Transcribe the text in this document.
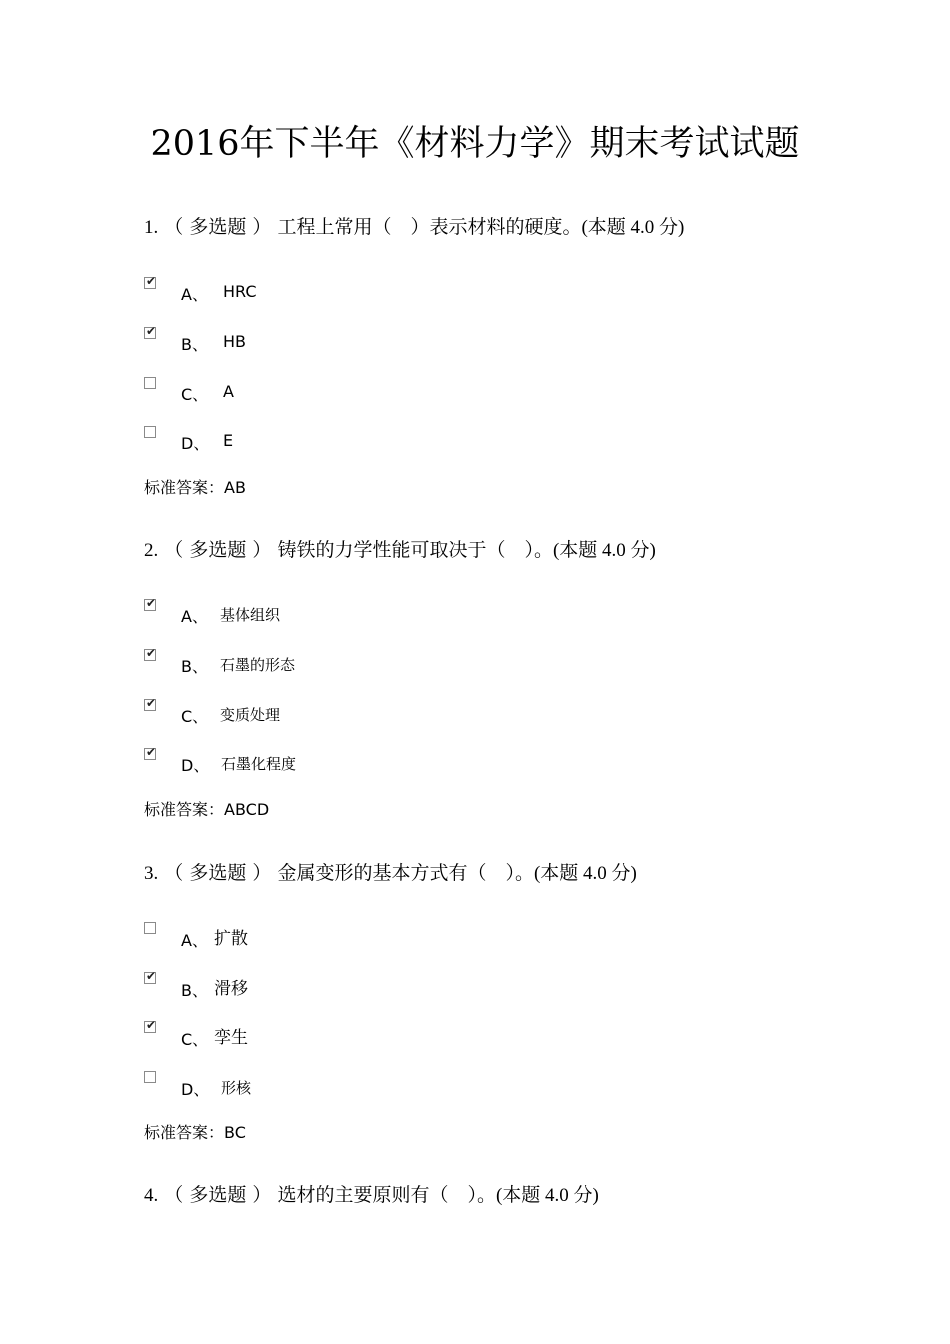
2016年下半年《材料力学》期末考试试题
1. （ 多选题 ） 工程上常用（　）表示材料的硬度。(本题 4.0 分)
✔
A、 HRC
✔
B、 HB
C、 A
D、 E
标准答案：AB
2. （ 多选题 ） 铸铁的力学性能可取决于（　）。(本题 4.0 分)
✔
A、 基体组织
✔
B、 石墨的形态
✔
C、 变质处理
✔
D、 石墨化程度
标准答案：ABCD
3. （ 多选题 ） 金属变形的基本方式有（　）。(本题 4.0 分)
A、 扩散
✔
B、 滑移
✔
C、 孪生
D、 形核
标准答案：BC
4. （ 多选题 ） 选材的主要原则有（　）。(本题 4.0 分)
